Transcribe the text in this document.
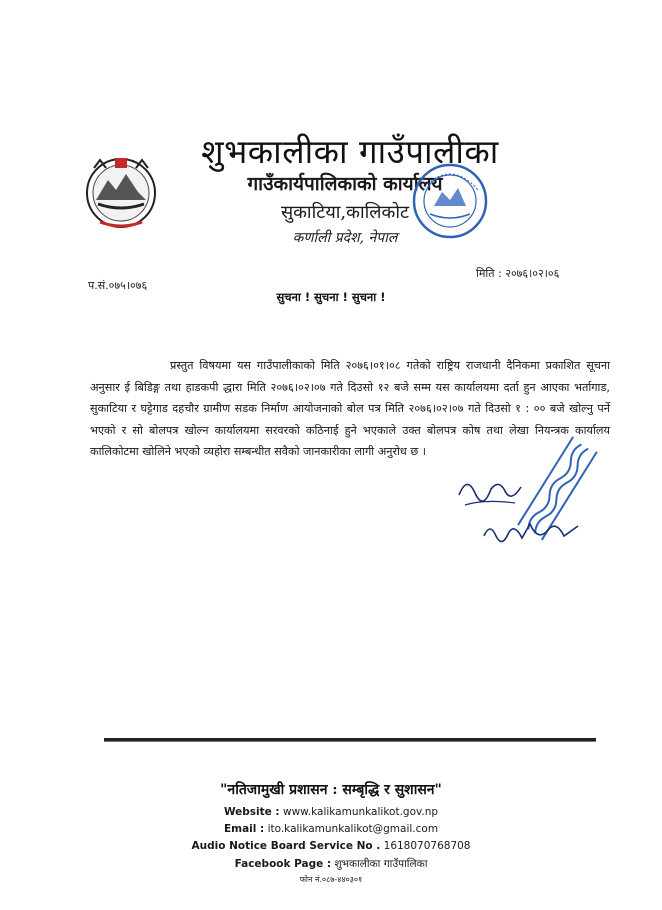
शुभकालीका गाउँपालीका
गाउँकार्यपालिकाको कार्यालय
सुकाटिया,कालिकोट
कर्णाली प्रदेश, नेपाल
प.सं.०७५।०७६
मिति : २०७६।०२।०६
सुचना ! सुचना ! सुचना !
प्रस्तुत विषयमा यस गाउँपालीकाको मिति २०७६।०१।०८ गतेको राष्ट्रिय राजधानी दैनिकमा प्रकाशित सूचना अनुसार ई बिडिङ्ग तथा हाडकपी द्धारा मिति २०७६।०२।०७ गते दिउसो १२ बजे सम्म यस कार्यालयमा दर्ता हुन आएका भर्तागाड, सुकाटिया र घट्टेगाड दहचौर ग्रामीण सडक निर्माण आयोजनाको बोल पत्र मिति २०७६।०२।०७ गते दिउसो १ : ०० बजे खोल्नु पर्ने भएको र सो बोलपत्र खोल्न कार्यालयमा सरवरको कठिनाई हुने भएकाले उक्त बोलपत्र कोष तथा लेखा नियन्त्रक कार्यालय कालिकोटमा खोलिने भएको व्यहोरा सम्बन्धीत सवैको जानकारीका लागी अनुरोध छ ।
"नतिजामुखी प्रशासन : सम्बृद्धि र सुशासन"
Website : www.kalikamunkalikot.gov.np
Email : ito.kalikamunkalikot@gmail.com
Audio Notice Board Service No . 1618070768708
Facebook Page : शुभकालीका गाउँपालिका
फोन नं.०८७-४४०३०१
